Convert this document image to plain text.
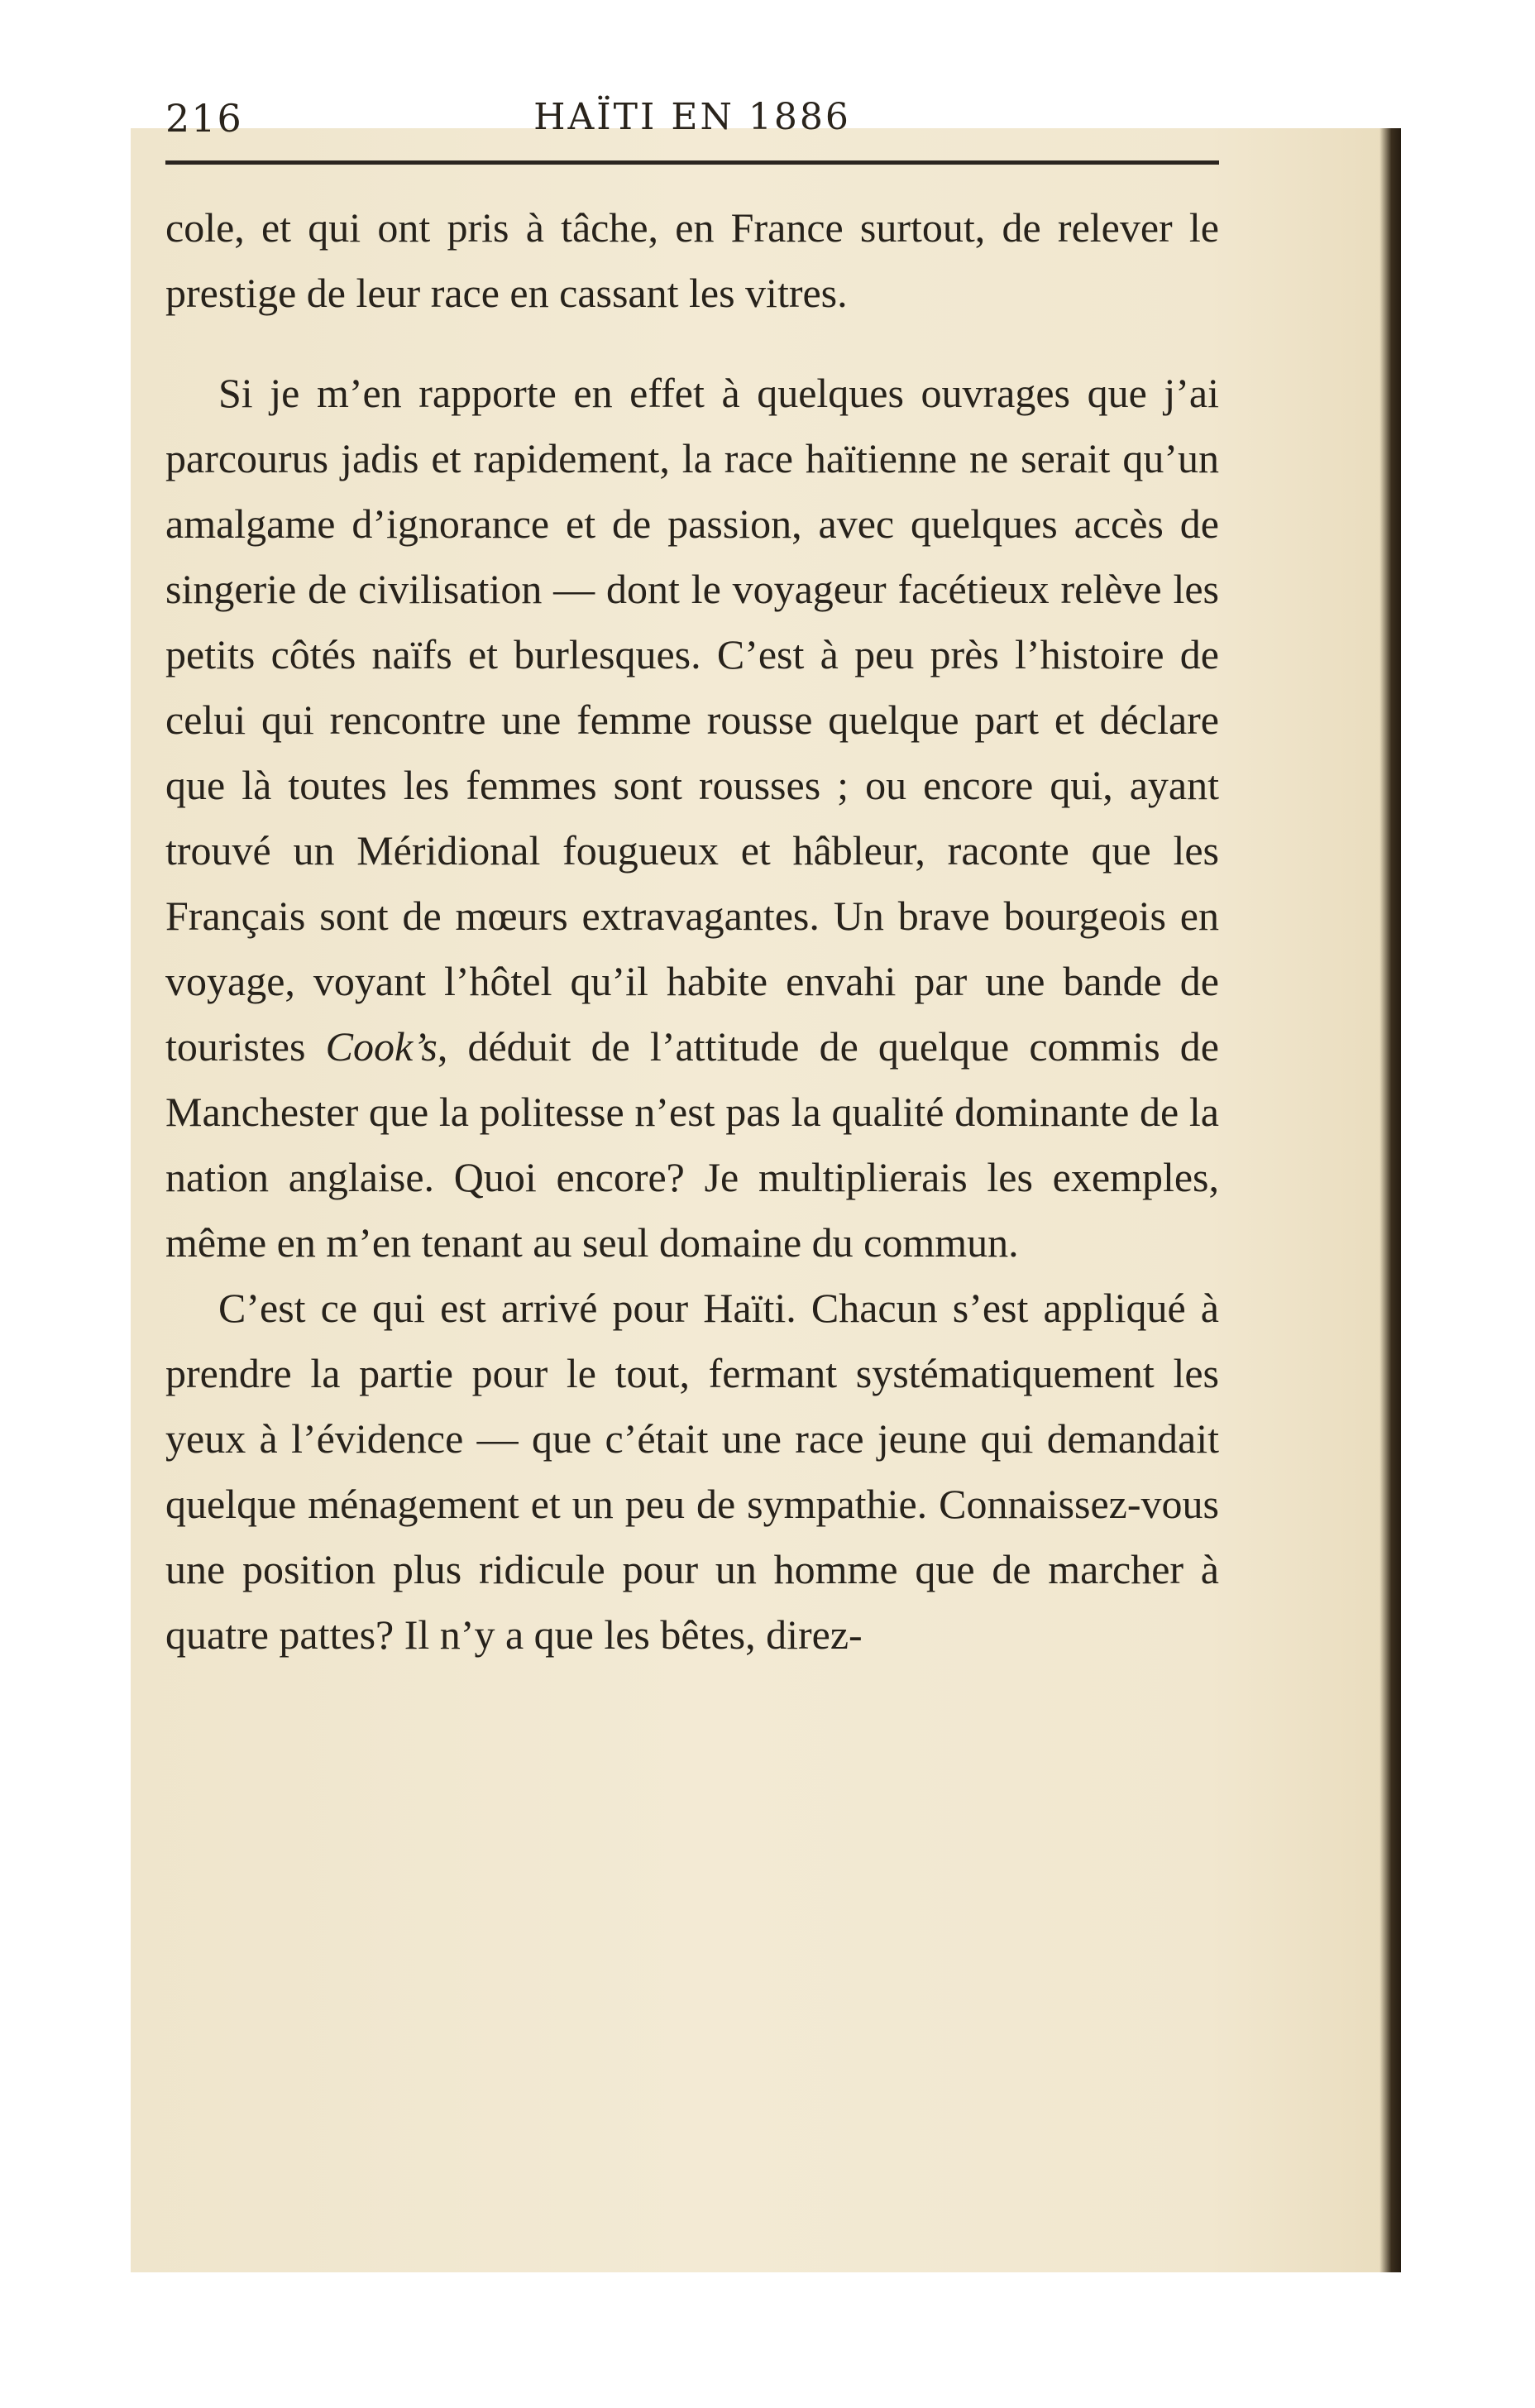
216	HAÏTI EN 1886

cole, et qui ont pris à tâche, en France surtout, de relever le prestige de leur race en cassant les vitres.

Si je m’en rapporte en effet à quelques ouvrages que j’ai parcourus jadis et rapidement, la race haïtienne ne serait qu’un amalgame d’ignorance et de passion, avec quelques accès de singerie de civilisation — dont le voyageur facétieux relève les petits côtés naïfs et burlesques. C’est à peu près l’histoire de celui qui rencontre une femme rousse quelque part et déclare que là toutes les femmes sont rousses ; ou encore qui, ayant trouvé un Méridional fougueux et hâbleur, raconte que les Français sont de mœurs extravagantes. Un brave bourgeois en voyage, voyant l’hôtel qu’il habite envahi par une bande de touristes Cook’s, déduit de l’attitude de quelque commis de Manchester que la politesse n’est pas la qualité dominante de la nation anglaise. Quoi encore? Je multiplierais les exemples, même en m’en tenant au seul domaine du commun.

C’est ce qui est arrivé pour Haïti. Chacun s’est appliqué à prendre la partie pour le tout, fermant systématiquement les yeux à l’évidence — que c’était une race jeune qui demandait quelque ménagement et un peu de sympathie. Connaissez-vous une position plus ridicule pour un homme que de marcher à quatre pattes? Il n’y a que les bêtes, direz-
